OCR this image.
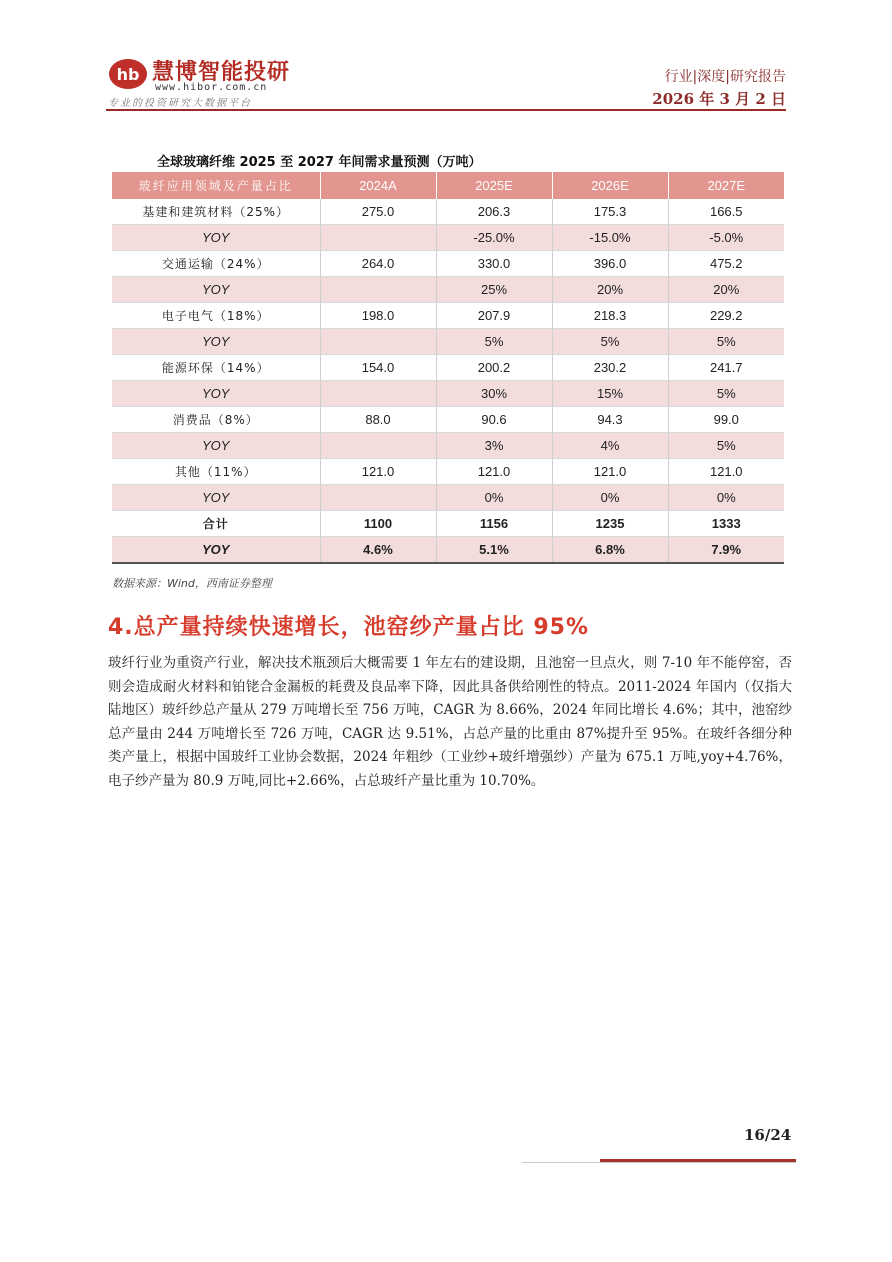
hb 慧博智能投研
www.hibor.com.cn
专业的投资研究大数据平台
行业|深度|研究报告
2026 年 3 月 2 日
全球玻璃纤维 2025 至 2027 年间需求量预测（万吨）
玻纤应用领域及产量占比	2024A	2025E	2026E	2027E
基建和建筑材料（25%）	275.0	206.3	175.3	166.5
YOY		-25.0%	-15.0%	-5.0%
交通运输（24%）	264.0	330.0	396.0	475.2
YOY		25%	20%	20%
电子电气（18%）	198.0	207.9	218.3	229.2
YOY		5%	5%	5%
能源环保（14%）	154.0	200.2	230.2	241.7
YOY		30%	15%	5%
消费品（8%）	88.0	90.6	94.3	99.0
YOY		3%	4%	5%
其他（11%）	121.0	121.0	121.0	121.0
YOY		0%	0%	0%
合计	1100	1156	1235	1333
YOY	4.6%	5.1%	6.8%	7.9%
数据来源：Wind，西南证券整理
4.总产量持续快速增长，池窑纱产量占比 95%

玻纤行业为重资产行业，解决技术瓶颈后大概需要 1 年左右的建设期，且池窑一旦点火，则 7-10 年不能停窑，否则会造成耐火材料和铂铑合金漏板的耗费及良品率下降，因此具备供给刚性的特点。2011-2024 年国内（仅指大陆地区）玻纤纱总产量从 279 万吨增长至 756 万吨，CAGR 为 8.66%，2024 年同比增长 4.6%；其中，池窑纱总产量由 244 万吨增长至 726 万吨，CAGR 达 9.51%，占总产量的比重由 87%提升至 95%。在玻纤各细分种类产量上，根据中国玻纤工业协会数据，2024 年粗纱（工业纱+玻纤增强纱）产量为 675.1 万吨,yoy+4.76%，电子纱产量为 80.9 万吨,同比+2.66%，占总玻纤产量比重为 10.70%。

16/24
